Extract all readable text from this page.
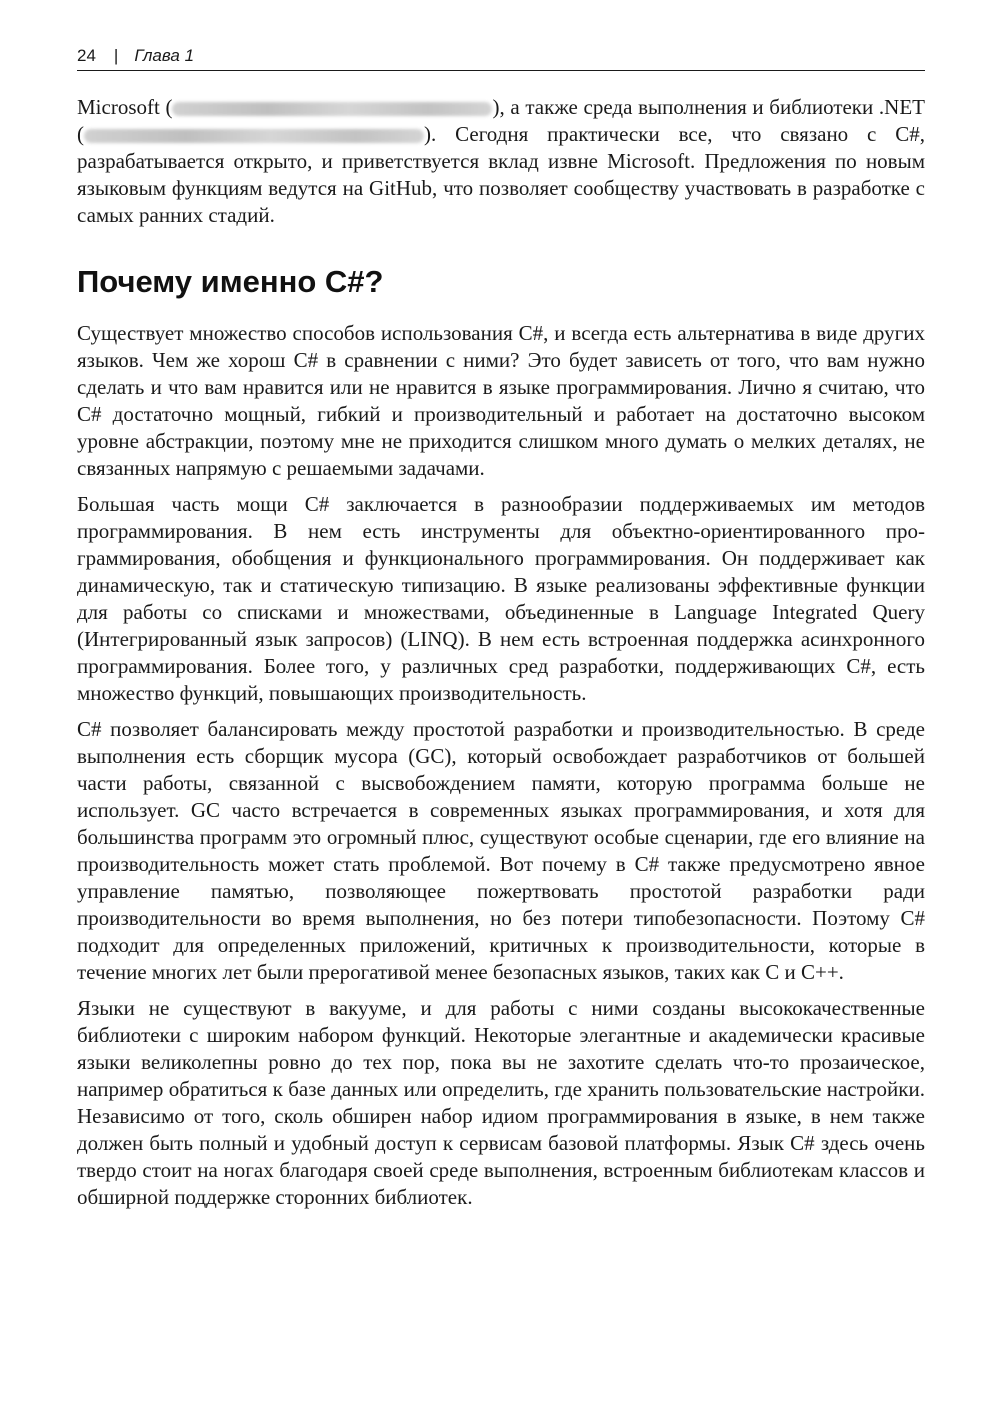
24 | Глава 1

Microsoft (	), а также среда выполнения и библиотеки .NET (	). Сегодня практически все, что связано с C#, разрабатывается открыто, и приветствуется вклад извне Microsoft. Предложения по новым языковым функциям ведутся на GitHub, что позволяет сообществу участвовать в разработке с самых ранних стадий.

Почему именно C#?

Существует множество способов использования C#, и всегда есть альтернатива в виде других языков. Чем же хорош C# в сравнении с ними? Это будет зависеть от того, что вам нужно сделать и что вам нравится или не нравится в языке программирования. Лично я считаю, что C# достаточно мощный, гибкий и производительный и работает на достаточно высоком уровне абстракции, поэтому мне не приходится слишком много думать о мелких деталях, не связанных напрямую с решаемыми задачами.

Большая часть мощи C# заключается в разнообразии поддерживаемых им методов программирования. В нем есть инструменты для объектно-ориентированного программирования, обобщения и функционального программирования. Он поддерживает как динамическую, так и статическую типизацию. В языке реализованы эффективные функции для работы со списками и множествами, объединенные в Language Integrated Query (Интегрированный язык запросов) (LINQ). В нем есть встроенная поддержка асинхронного программирования. Более того, у различных сред разработки, поддерживающих C#, есть множество функций, повышающих производительность.

C# позволяет балансировать между простотой разработки и производительностью. В среде выполнения есть сборщик мусора (GC), который освобождает разработчиков от большей части работы, связанной с высвобождением памяти, которую программа больше не использует. GC часто встречается в современных языках программирования, и хотя для большинства программ это огромный плюс, существуют особые сценарии, где его влияние на производительность может стать проблемой. Вот почему в C# также предусмотрено явное управление памятью, позволяющее пожертвовать простотой разработки ради производительности во время выполнения, но без потери типобезопасности. Поэтому C# подходит для определенных приложений, критичных к производительности, которые в течение многих лет были прерогативой менее безопасных языков, таких как C и C++.

Языки не существуют в вакууме, и для работы с ними созданы высококачественные библиотеки с широким набором функций. Некоторые элегантные и академически красивые языки великолепны ровно до тех пор, пока вы не захотите сделать что-то прозаическое, например обратиться к базе данных или определить, где хранить пользовательские настройки. Независимо от того, сколь обширен набор идиом программирования в языке, в нем также должен быть полный и удобный доступ к сервисам базовой платформы. Язык C# здесь очень твердо стоит на ногах благодаря своей среде выполнения, встроенным библиотекам классов и обширной поддержке сторонних библиотек.
